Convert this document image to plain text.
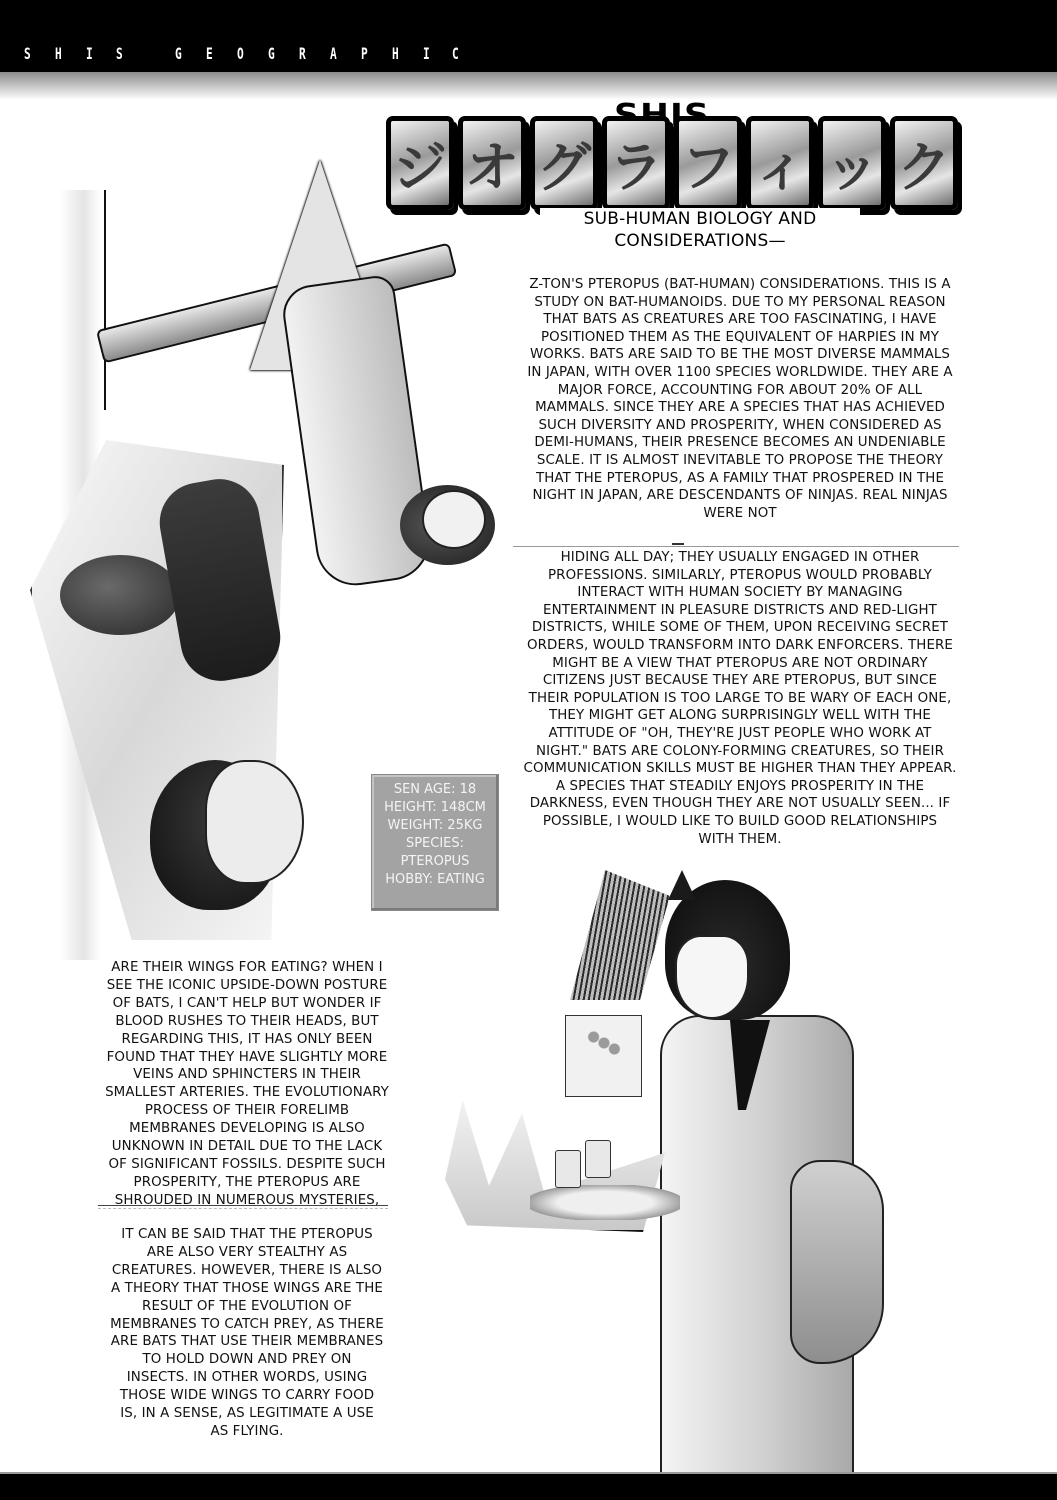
S H I S	G E O G R A P H I C
ジ オ グ ラ フ ィ ッ ク
SUB-HUMAN BIOLOGY AND
CONSIDERATIONS—

Z-TON'S PTEROPUS (BAT-HUMAN) CONSIDERATIONS. THIS IS A

STUDY ON BAT-HUMANOIDS. DUE TO MY PERSONAL REASON

THAT BATS AS CREATURES ARE TOO FASCINATING, I HAVE

POSITIONED THEM AS THE EQUIVALENT OF HARPIES IN MY

WORKS. BATS ARE SAID TO BE THE MOST DIVERSE MAMMALS

IN JAPAN, WITH OVER 1100 SPECIES WORLDWIDE. THEY ARE A

MAJOR FORCE, ACCOUNTING FOR ABOUT 20% OF ALL

MAMMALS. SINCE THEY ARE A SPECIES THAT HAS ACHIEVED

SUCH DIVERSITY AND PROSPERITY, WHEN CONSIDERED AS

DEMI-HUMANS, THEIR PRESENCE BECOMES AN UNDENIABLE

SCALE. IT IS ALMOST INEVITABLE TO PROPOSE THE THEORY

THAT THE PTEROPUS, AS A FAMILY THAT PROSPERED IN THE

NIGHT IN JAPAN, ARE DESCENDANTS OF NINJAS. REAL NINJAS

WERE NOT

HIDING ALL DAY; THEY USUALLY ENGAGED IN OTHER

PROFESSIONS. SIMILARLY, PTEROPUS WOULD PROBABLY

INTERACT WITH HUMAN SOCIETY BY MANAGING

ENTERTAINMENT IN PLEASURE DISTRICTS AND RED-LIGHT

DISTRICTS, WHILE SOME OF THEM, UPON RECEIVING SECRET

ORDERS, WOULD TRANSFORM INTO DARK ENFORCERS. THERE

MIGHT BE A VIEW THAT PTEROPUS ARE NOT ORDINARY

CITIZENS JUST BECAUSE THEY ARE PTEROPUS, BUT SINCE

THEIR POPULATION IS TOO LARGE TO BE WARY OF EACH ONE,

THEY MIGHT GET ALONG SURPRISINGLY WELL WITH THE

ATTITUDE OF "OH, THEY'RE JUST PEOPLE WHO WORK AT

NIGHT." BATS ARE COLONY-FORMING CREATURES, SO THEIR

COMMUNICATION SKILLS MUST BE HIGHER THAN THEY APPEAR.

A SPECIES THAT STEADILY ENJOYS PROSPERITY IN THE

DARKNESS, EVEN THOUGH THEY ARE NOT USUALLY SEEN... IF

POSSIBLE, I WOULD LIKE TO BUILD GOOD RELATIONSHIPS

WITH THEM.

SEN AGE: 18
HEIGHT: 148CM
WEIGHT: 25KG
SPECIES:
PTEROPUS
HOBBY: EATING

ARE THEIR WINGS FOR EATING? WHEN I

SEE THE ICONIC UPSIDE-DOWN POSTURE

OF BATS, I CAN'T HELP BUT WONDER IF

BLOOD RUSHES TO THEIR HEADS, BUT

REGARDING THIS, IT HAS ONLY BEEN

FOUND THAT THEY HAVE SLIGHTLY MORE

VEINS AND SPHINCTERS IN THEIR

SMALLEST ARTERIES. THE EVOLUTIONARY

PROCESS OF THEIR FORELIMB

MEMBRANES DEVELOPING IS ALSO

UNKNOWN IN DETAIL DUE TO THE LACK

OF SIGNIFICANT FOSSILS. DESPITE SUCH

PROSPERITY, THE PTEROPUS ARE

SHROUDED IN NUMEROUS MYSTERIES,

IT CAN BE SAID THAT THE PTEROPUS

ARE ALSO VERY STEALTHY AS

CREATURES. HOWEVER, THERE IS ALSO

A THEORY THAT THOSE WINGS ARE THE

RESULT OF THE EVOLUTION OF

MEMBRANES TO CATCH PREY, AS THERE

ARE BATS THAT USE THEIR MEMBRANES

TO HOLD DOWN AND PREY ON

INSECTS. IN OTHER WORDS, USING

THOSE WIDE WINGS TO CARRY FOOD

IS, IN A SENSE, AS LEGITIMATE A USE

AS FLYING.
